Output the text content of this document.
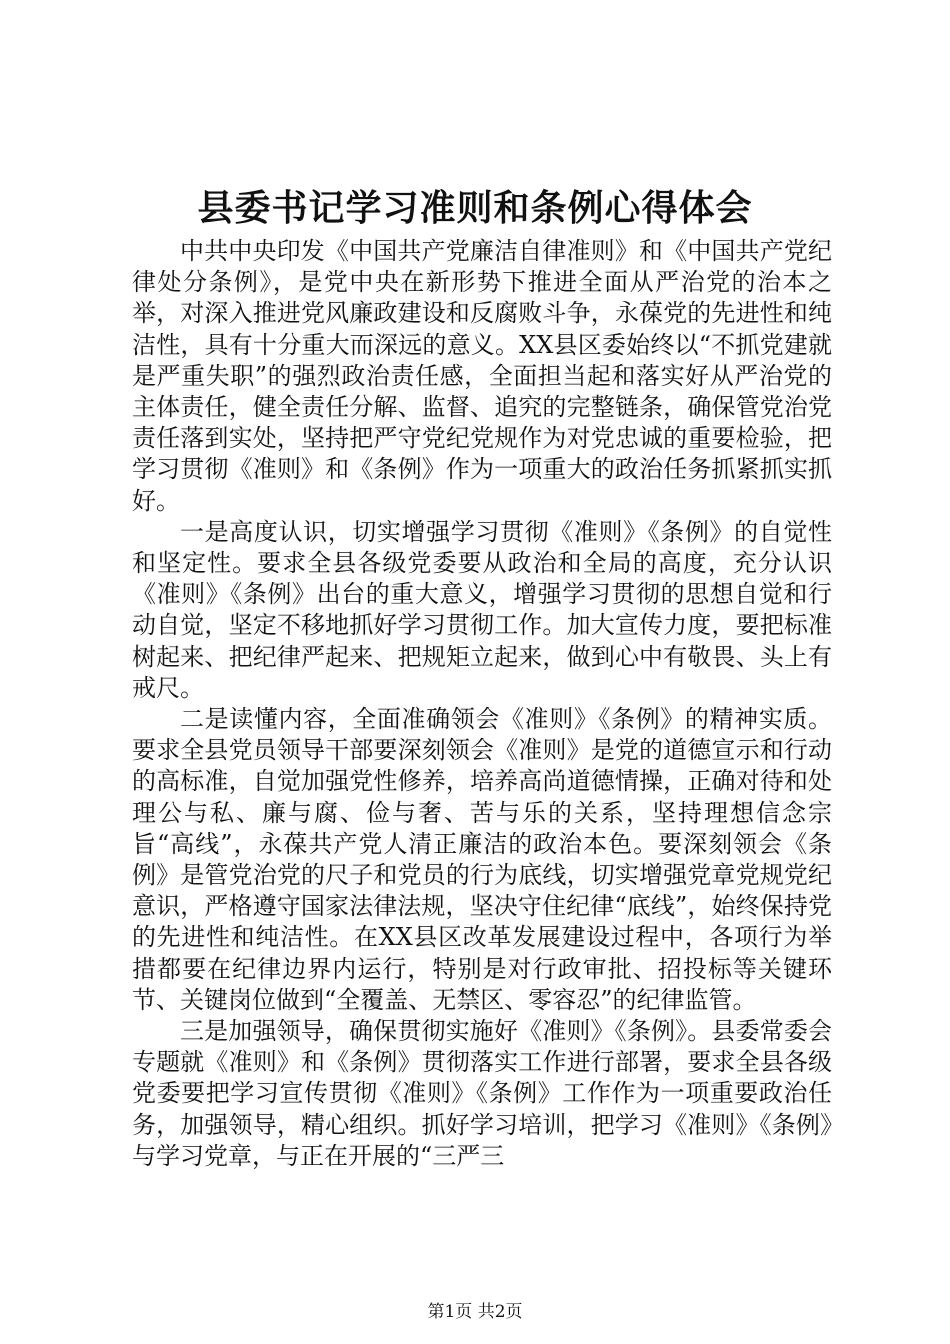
县委书记学习准则和条例心得体会

中共中央印发《中国共产党廉洁自律准则》和《中国共产党纪律处分条例》，是党中央在新形势下推进全面从严治党的治本之举，对深入推进党风廉政建设和反腐败斗争，永葆党的先进性和纯洁性，具有十分重大而深远的意义。XX县区委始终以“不抓党建就是严重失职”的强烈政治责任感，全面担当起和落实好从严治党的主体责任，健全责任分解、监督、追究的完整链条，确保管党治党责任落到实处，坚持把严守党纪党规作为对党忠诚的重要检验，把学习贯彻《准则》和《条例》作为一项重大的政治任务抓紧抓实抓好。

一是高度认识，切实增强学习贯彻《准则》《条例》的自觉性和坚定性。要求全县各级党委要从政治和全局的高度，充分认识《准则》《条例》出台的重大意义，增强学习贯彻的思想自觉和行动自觉，坚定不移地抓好学习贯彻工作。加大宣传力度，要把标准树起来、把纪律严起来、把规矩立起来，做到心中有敬畏、头上有戒尺。

二是读懂内容，全面准确领会《准则》《条例》的精神实质。要求全县党员领导干部要深刻领会《准则》是党的道德宣示和行动的高标准，自觉加强党性修养，培养高尚道德情操，正确对待和处理公与私、廉与腐、俭与奢、苦与乐的关系，坚持理想信念宗旨“高线”，永葆共产党人清正廉洁的政治本色。要深刻领会《条例》是管党治党的尺子和党员的行为底线，切实增强党章党规党纪意识，严格遵守国家法律法规，坚决守住纪律“底线”，始终保持党的先进性和纯洁性。在XX县区改革发展建设过程中，各项行为举措都要在纪律边界内运行，特别是对行政审批、招投标等关键环节、关键岗位做到“全覆盖、无禁区、零容忍”的纪律监管。

三是加强领导，确保贯彻实施好《准则》《条例》。县委常委会专题就《准则》和《条例》贯彻落实工作进行部署，要求全县各级党委要把学习宣传贯彻《准则》《条例》工作作为一项重要政治任务，加强领导，精心组织。抓好学习培训，把学习《准则》《条例》与学习党章，与正在开展的“三严三

第1页 共2页
